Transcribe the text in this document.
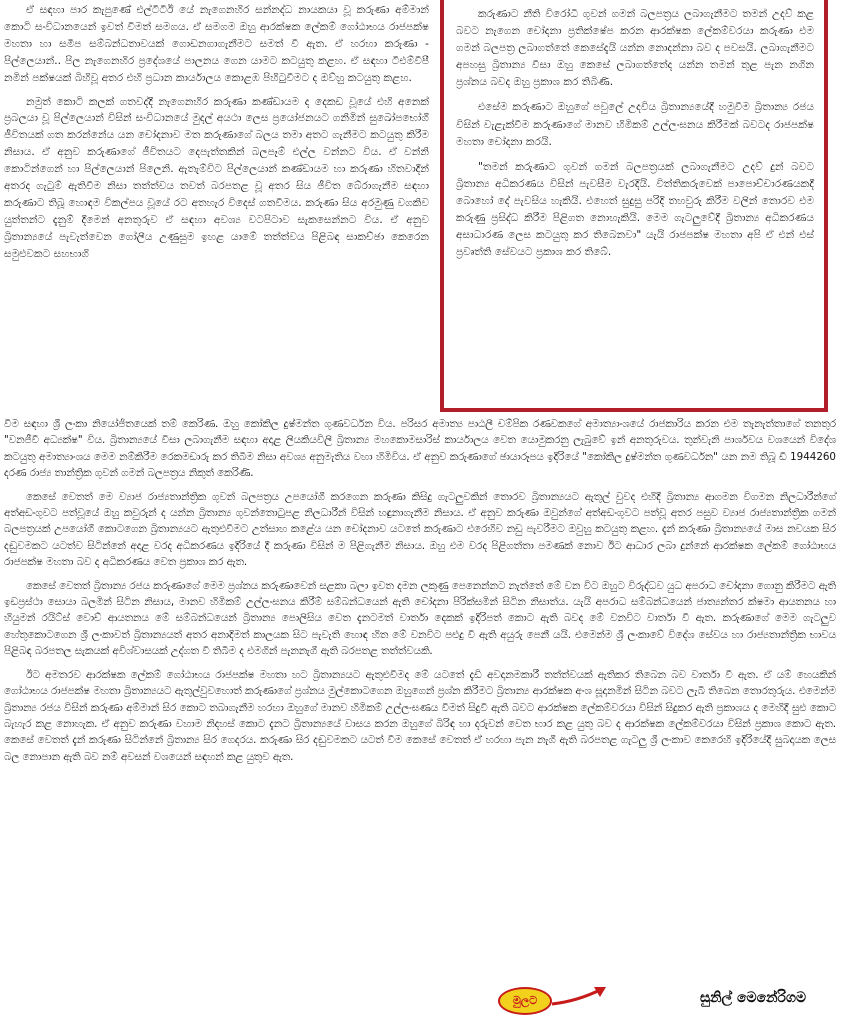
ඒ සඳහා පාර කැපුණේ එල්ටීටීඊ යේ නැගෙනහිර සන්නද්ධ නායකයා වූ කරුණා අම්මාන් කොටි සංවිධානයෙන් ඉවත් වීමත් සමගය. ඒ සමගම ඔහු ආරක්ෂක ලේකම් ගෝඨාභය රාජපක්ෂ මහතා හා සමීප සම්බන්ධතාවයක් ගොඩනගාගැනීමට සමත් වී ඇත. ඒ හරහා කරුණා - පිල්ලෙයාන්.. පිල නැගෙනහිර ප්‍රදේශයේ පාලනය ගෙන යාමට කටයුතු කළහ. ඒ සඳහා ටීඑම්වීපී නමින් පක්ෂයක් බිහිවූ අතර එහි ප්‍රධාන කාර්යාලය කොළඹ පිහිටුවීමට ද ඔව්හු කටයුතු කළහ.

නමුත් කොටි කලක් ගතවද්දී නැගෙනහිර කරුණා කණ්ඩායම ද දෙකඩ වූයේ එහි අනෙක් ප්‍රබලයා වූ පිල්ලෙයාන් විසින් සංවිධානයේ මුදල් අයථා ලෙස ප්‍රයෝජනයට ගනිමින් සුඛෝපභෝගී ජීවිතයක් ගත කරන්නේය යන චෝදනාව මත කරුණාගේ බලය තමා අතට ගැනීමට කටයුතු කිරීම නිසාය. ඒ අනුව කරුණාගේ ජීවිතයට දෙපැත්තකින් බලපෑම් එල්ල වන්නට විය. ඒ වන්නි කොටින්ගෙන් හා පිල්ලෙයාන් පිලෙනි. ඇතැම්විට පිල්ලෙයාන් කණ්ඩායම හා කරුණා හිතවාදීන් අතරද ගැටුම් ඇතිවීම නිසා තත්ත්වය තවත් බරපතළ වූ අතර සිය ජීවිත බේරාගැනීම සඳහා කරුණාට තිබූ හොඳම විකල්පය වූයේ රට අතහැර විදෙස් ගතවීමය. කරුණා සිය අරමුණු වගකිව යුත්තන්ට දැනුම් දීමෙන් අනතුරුව ඒ සඳහා අවශ්‍ය වටපිටාව සැකසෙන්නට විය. ඒ අනුව බ්‍රිතාන්‍යයේ පැවැත්වෙන ගෝලීය උණුසුම ඉහළ යාමේ තත්ත්වය පිළිබඳ සාකච්ඡා කෙරෙන සමුළුවකට සහභාගි

කරුණාට නීති විරෝධී ගුවන් ගමන් බලපත්‍රය ලබාගැනීමට තමන් උදව් කළ බවට නැගෙන චෝදනා ප්‍රතික්ෂේප කරන ආරක්ෂක ලේකම්වරයා කරුණා එම ගමන් බලපත්‍ර ලබාගත්තේ කෙසේදැයි යන්න නොදන්නා බව ද පවසයි. ලබාගැනීමට අපහසු බ්‍රිතාන්‍ය වීසා ඔහු කෙසේ ලබාගත්තේද යන්න තමන් තුළ පැන නගින ප්‍රශ්නය බවද ඔහු ප්‍රකාශ කර තිබිණි.

එසේම කරුණාට ඔහුගේ පවුලේ උදවිය බ්‍රිතාන්‍යයේදී හමුවීම බ්‍රිතාන්‍ය රජය විසින් වැළැක්වීම කරුණාගේ මානව හිමිකම් උල්ලංඝනය කිරීමක් බවටද රාජපක්ෂ මහතා චෝදනා කරයි.

"තමන් කරුණාට ගුවන් ගමන් බලපත්‍රයක් ලබාගැනීමට උදව් දුන් බවට බ්‍රිතාන්‍ය අධිකරණය විසින් පැවසීම වැරදියි. විත්තිකරුවෙක් පාපොච්චාරණයකදී බොහෝ දේ පැවසිය හැකියි. එහෙත් සුදුසු පරිදි තහවුරු කිරීම වලින් තොරව එම කරුණු ප්‍රසිද්ධ කිරීම පිළිගත නොහැකියි. මෙම ගැටලුවේදී බ්‍රිතාන්‍ය අධිකරණය අසාධාරණ ලෙස කටයුතු කර තිබෙනවා" යැයි රාජපක්ෂ මහතා අපි ඒ එන් එස් ප්‍රවෘත්ති සේවයට ප්‍රකාශ කර තිබේ.

වීම සඳහා ශ්‍රී ලංකා නියෝජිතයෙක් තම් කෙරිණ. ඔහු කෝකිල දුෂ්මන්ත ගුණවර්ධන විය. පරිසර අමාත්‍ය පාඨලී චම්පික රණවකගේ අමාත්‍යාංශයේ රාජකාරිය කරන එම තැනැත්තාගේ තනතුර "වනජීවී අධ්‍යක්ෂ" විය. බ්‍රිතාන්‍යයේ වීසා ලබාගැනීම සඳහා අදාළ ලියකියවිලි බ්‍රිතාන්‍ය මහකොමසාරිස් කාර්යාලය වෙත යොමුකරනු ලැබුවේ ඉන් අනතුරුවය. තුන්වැනි පාර්ශවය වශයෙන් විදේශ කටයුතු අමාත්‍යාංශය මෙම නම්කිරීම රෙකමඩාරු කර තිබීම නිසා අවශ්‍ය අනුමැතිය වහා හිමිවිය. ඒ අනුව කරුණාගේ ඡායාරූපය ඉදිරියේ "කෝකිල දුෂ්මන්ත ගුණවර්ධන" යන නම තිබූ ඩී 1944260 දරණ රාජ්‍ය තාන්ත්‍රික ගුවන් ගමන් බලපත්‍රය නිකුත් කෙරිණි.

කෙසේ වෙතත් මෙ ව්‍යාජ රාජ්‍යතාන්ත්‍රික ගුවන් බලපත්‍රය උපයෝගී කරගෙන කරුණා කිසිදු ගැටලුවකින් තොරව බ්‍රිතාන්‍යයට ඇතුල් වුවද එහිදී බ්‍රිතාන්‍ය ආගමන විගමන නිලධාරීන්ගේ අත්අඩංගුවට පත්වූයේ ඔහු කවුරුන් ද යන්න බ්‍රිතාන්‍ය ගුවන්තොටුපළ නිලධාරීන් විසින් හඳුනාගැනීම නිසාය. ඒ අනුව කරුණා ඔවුන්ගේ අත්අඩංගුවට පත්වූ අතර පසුව ව්‍යාජ රාජ්‍යතාන්ත්‍රික ගමන් බලපත්‍රයක් උපයෝගී කොටගෙන බ්‍රිතාන්‍යයට ඇතුළුවීමට උත්සාහ කළේය යන චෝදනාව යටතේ කරුණාට එරෙහිව නඩු පැවරීමට ඔවුහු කටයුතු කළහ. දැන් කරුණා බ්‍රිතාන්‍යයේ මාස නවයක සිර දඬුවමකට යටත්ව සිටින්නේ අදාළ වරද අධිකරණය ඉදිරියේ දී කරුණා විසින් ම පිළිගැනීම නිසාය. ඔහු එම වරද පිළිගත්තා පමණක් නොව ඊට ආධාර ලබා දුන්නේ ආරක්ෂක ලේකම් ගෝඨාභය රාජපක්ෂ මහතා බව ද අධිකරණය වෙත ප්‍රකාශ කර ඇත.

කෙසේ වෙතත් බ්‍රිතාන්‍ය රජය කරුණාගේ මෙම ප්‍රශ්නය කරුණාවෙන් සළකා බලා ඉවත දමන ලකුණු පෙනෙන්නට නැත්තේ මේ වන විට ඔහුට විරුද්ධව යුධ අපරාධ චෝදනා ගොනු කිරීමට ඇති ඉඩප්‍රස්ථා සොයා බලමින් සිටින නිසාය, මානව හිමිකම් උල්ලංඝනය කිරීම් සම්බන්ධයෙන් ඇති චෝදනා පිරික්සමින් සිටින නිසාත්ය. යැයි අපරාධ සම්බන්ධයෙන් ජාත්‍යන්තර ක්ෂමා ආයතනය හා හියුමන් රයිට්ස් වොච් ආයතනය මේ සම්බන්ධයෙන් බ්‍රිතාන්‍ය පොලිසිය වෙත දැනටමත් වාර්තා දෙකක් ඉදිරිපත් කොට ඇති බවද මේ වනවිට වාර්තා වී ඇත. කරුණාගේ මෙම ගැටලුව හේතුකොටගෙන ශ්‍රී ලංකාවත් බ්‍රිතාන්‍යයත් අතර අනාදිමත් කාලයක සිට පැවැති හොඳ හිත මේ වනවිට පළුදු වී ඇති අයුරු පෙනී යයි. එමෙන්ම ශ්‍රී ලංකාවේ විදේශ සේවය හා රාජ්‍යතාන්ත්‍රික භාවය පිළිබඳ බරපතල සැකයක් අවිශ්වාසයක් උද්ගත වී තිබීම ද එමගින් පැනනැගී ඇති බරපතළ තත්ත්වයකි.

ඊට අමතරව ආරක්ෂක ලේකම් ගෝඨාභය රාජපක්ෂ මහතා හට බ්‍රිතාන්‍යයට ඇතුළුවීමද මේ යටතේ දැඩි අවදානමකාරී තත්ත්වයක් ඇතිකර තිබෙන බව වාර්තා වී ඇත. ඒ යම් හෙයකින් ගෝඨාභය රාජපක්ෂ මහතා බ්‍රිතාන්‍යයට ඇතුල්වුවහොත් කරුණාගේ ප්‍රශ්නය මුල්කොටගෙන ඔහුගෙන් ප්‍රශ්න කිරීමට බ්‍රිතාන්‍ය ආරක්ෂක අංශ සූදානමින් සිටින බවට ලැබී තිබෙන තොරතුරුය. එමෙන්ම බ්‍රිතාන්‍ය රජය විසින් කරුණා අම්මාන් සිර කොට තබාගැනීම හරහා ඔහුගේ මානව හිමිකම් උල්ලංඝණය වීමත් සිදුවී ඇති බවට ආරක්ෂක ලේකම්වරයා විසින් සිදුකර ඇති ප්‍රකාශය ද මෙහිදී සුළු කොට බැහැර කළ නොහැක. ඒ අනුව කරුණා වහාම නිදහස් කොට දැනට බ්‍රිතාන්‍යයේ වාසය කරන ඔහුගේ බිරිඳ හා දරුවන් වෙත භාර කළ යුතු බව ද ආරක්ෂක ලේකම්වරයා විසින් ප්‍රකාශ කොට ඇත. කෙසේ වෙතත් දැන් කරුණා සිටින්නේ බ්‍රිතාන්‍ය සිර ගෙදරය. කරුණා සිර දඬුවමකට යටත් වීම කෙසේ වෙතත් ඒ හරහා පැන නැගී ඇති බරපතළ ගැටලු ශ්‍රී ලංකාව කෙරෙහි ඉදිරියේදී සුබදායක ලෙස බල නොපාන ඇති බව නම් අවසන් වශයෙන් සඳහන් කළ යුතුව ඇත.

මුලට	සුනිල් මෙනේරිගම
